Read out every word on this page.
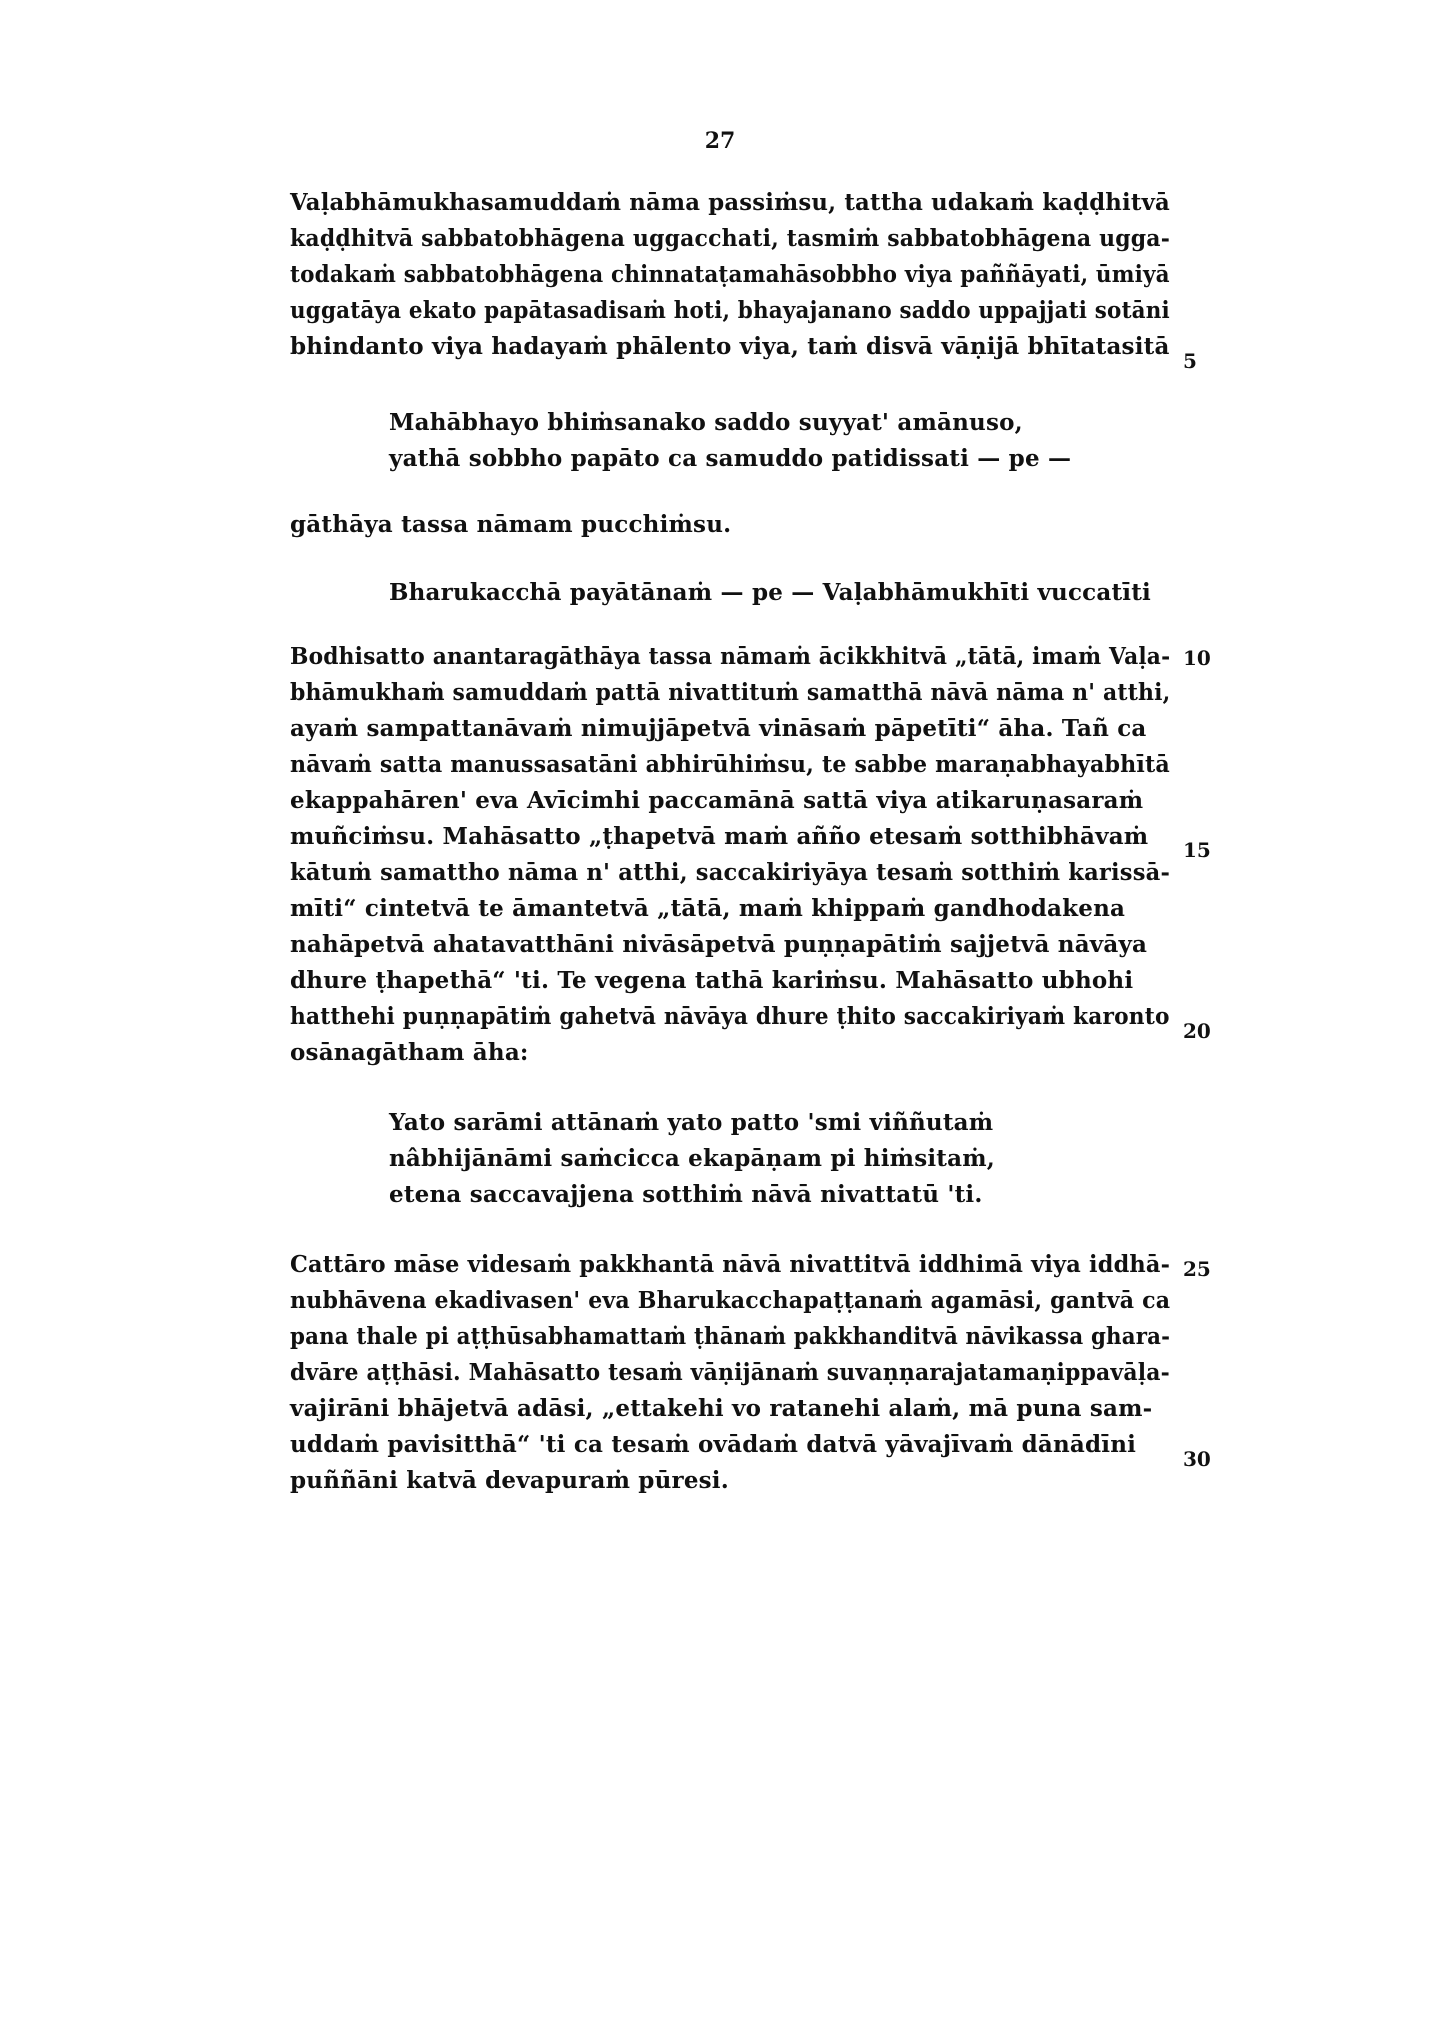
27
Vaḷabhāmukhasamuddaṁ nāma passiṁsu, tattha udakaṁ kaḍḍhitvā
kaḍḍhitvā sabbatobhāgena uggacchati, tasmiṁ sabbatobhāgena ugga-
todakaṁ sabbatobhāgena chinnataṭamahāsobbho viya paññāyati, ūmiyā
uggatāya ekato papātasadisaṁ hoti, bhayajanano saddo uppajjati sotāni
bhindanto viya hadayaṁ phālento viya, taṁ disvā vāṇijā bhītatasitā
5
Mahābhayo bhiṁsanako saddo suyyat' amānuso,
yathā sobbho papāto ca samuddo patidissati — pe —
gāthāya tassa nāmam pucchiṁsu.
Bharukacchā payātānaṁ — pe — Vaḷabhāmukhīti vuccatīti
Bodhisatto anantaragāthāya tassa nāmaṁ ācikkhitvā „tātā, imaṁ Vaḷa- 10
bhāmukhaṁ samuddaṁ pattā nivattituṁ samatthā nāvā nāma n' atthi,
ayaṁ sampattanāvaṁ nimujjāpetvā vināsaṁ pāpetīti“ āha. Tañ ca
nāvaṁ satta manussasatāni abhirūhiṁsu, te sabbe maraṇabhayabhītā
ekappahāren' eva Avīcimhi paccamānā sattā viya atikaruṇasaraṁ
muñciṁsu. Mahāsatto „ṭhapetvā maṁ añño etesaṁ sotthibhāvaṁ 15
kātuṁ samattho nāma n' atthi, saccakiriyāya tesaṁ sotthiṁ karissā-
mīti“ cintetvā te āmantetvā „tātā, maṁ khippaṁ gandhodakena
nahāpetvā ahatavatthāni nivāsāpetvā puṇṇapātiṁ sajjetvā nāvāya
dhure ṭhapethā“ 'ti. Te vegena tathā kariṁsu. Mahāsatto ubhohi
hatthehi puṇṇapātiṁ gahetvā nāvāya dhure ṭhito saccakiriyaṁ karonto
20
osānagātham āha:
Yato sarāmi attānaṁ yato patto 'smi viññutaṁ
nâbhijānāmi saṁcicca ekapāṇam pi hiṁsitaṁ,
etena saccavajjena sotthiṁ nāvā nivattatū 'ti.
Cattāro māse videsaṁ pakkhantā nāvā nivattitvā iddhimā viya iddhā- 25
nubhāvena ekadivasen' eva Bharukacchapaṭṭanaṁ agamāsi, gantvā ca
pana thale pi aṭṭhūsabhamattaṁ ṭhānaṁ pakkhanditvā nāvikassa ghara-
dvāre aṭṭhāsi. Mahāsatto tesaṁ vāṇijānaṁ suvaṇṇarajatamaṇippavāḷa-
vajirāni bhājetvā adāsi, „ettakehi vo ratanehi alaṁ, mā puna sam-
uddaṁ pavisitthā“ 'ti ca tesaṁ ovādaṁ datvā yāvajīvaṁ dānādīni
30
puññāni katvā devapuraṁ pūresi.
